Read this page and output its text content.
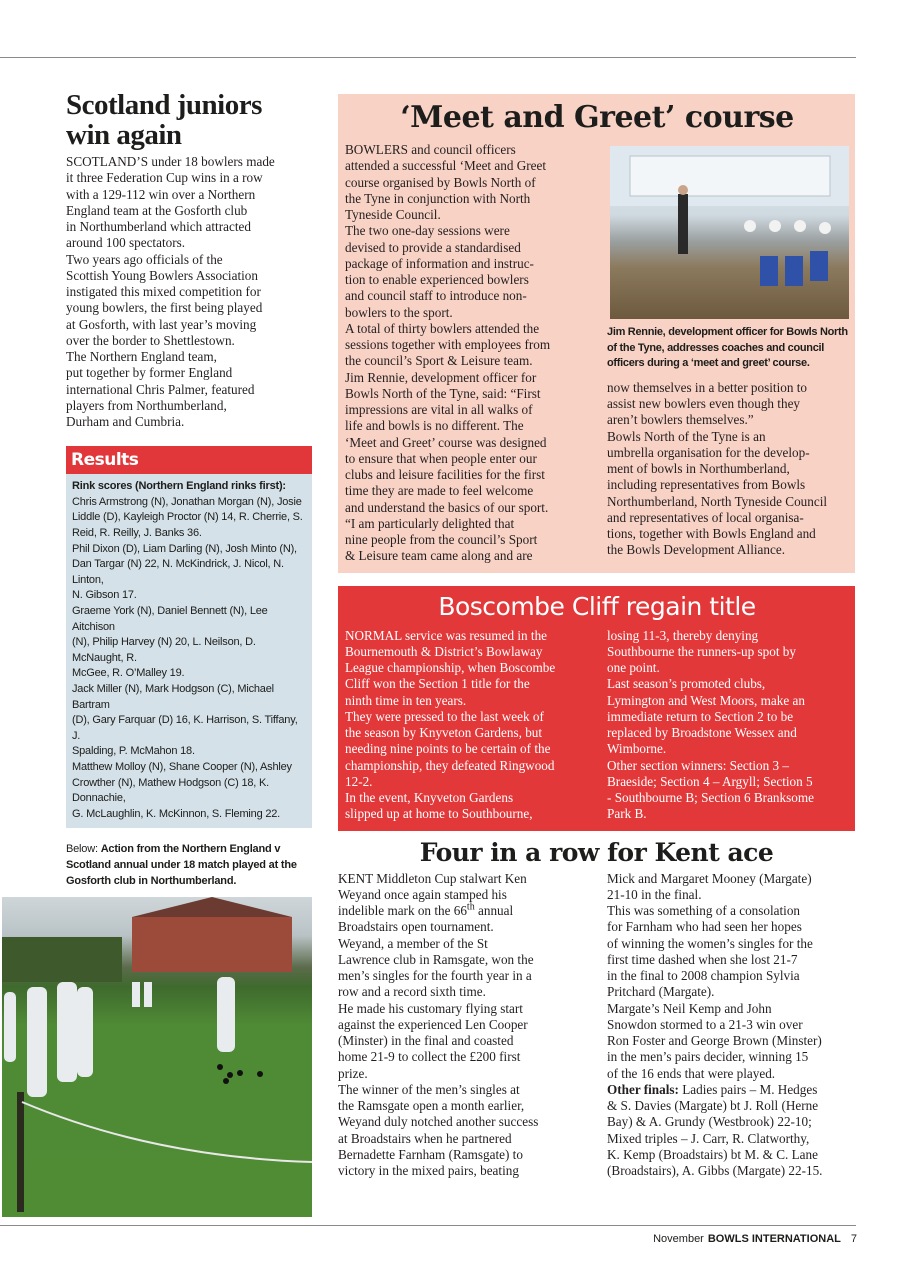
Scotland juniors
win again
SCOTLAND’S under 18 bowlers made
it three Federation Cup wins in a row
with a 129-112 win over a Northern
England team at the Gosforth club
in Northumberland which attracted
around 100 spectators.
Two years ago officials of the
Scottish Young Bowlers Association
instigated this mixed competition for
young bowlers, the first being played
at Gosforth, with last year’s moving
over the border to Shettlestown.
The Northern England team,
put together by former England
international Chris Palmer, featured
players from Northumberland,
Durham and Cumbria.
Results
Rink scores (Northern England rinks first):
Chris Armstrong (N), Jonathan Morgan (N), Josie
Liddle (D), Kayleigh Proctor (N) 14, R. Cherrie, S.
Reid, R. Reilly, J. Banks 36.
Phil Dixon (D), Liam Darling (N), Josh Minto (N),
Dan Targar (N) 22, N. McKindrick, J. Nicol, N. Linton,
N. Gibson 17.
Graeme York (N), Daniel Bennett (N), Lee Aitchison
(N), Philip Harvey (N) 20, L. Neilson, D. McNaught, R.
McGee, R. O’Malley 19.
Jack Miller (N), Mark Hodgson (C), Michael Bartram
(D), Gary Farquar (D) 16, K. Harrison, S. Tiffany, J.
Spalding, P. McMahon 18.
Matthew Molloy (N), Shane Cooper (N), Ashley
Crowther (N), Mathew Hodgson (C) 18, K. Donnachie,
G. McLaughlin, K. McKinnon, S. Fleming 22.
Below: Action from the Northern England v
Scotland annual under 18 match played at the
Gosforth club in Northumberland.
‘Meet and Greet’ course
BOWLERS and council officers
attended a successful ‘Meet and Greet
course organised by Bowls North of
the Tyne in conjunction with North
Tyneside Council.
The two one-day sessions were
devised to provide a standardised
package of information and instruc-
tion to enable experienced bowlers
and council staff to introduce non-
bowlers to the sport.
A total of thirty bowlers attended the
sessions together with employees from
the council’s Sport & Leisure team.
Jim Rennie, development officer for
Bowls North of the Tyne, said: “First
impressions are vital in all walks of
life and bowls is no different. The
‘Meet and Greet’ course was designed
to ensure that when people enter our
clubs and leisure facilities for the first
time they are made to feel welcome
and understand the basics of our sport.
“I am particularly delighted that
nine people from the council’s Sport
& Leisure team came along and are
Jim Rennie, development officer for Bowls North
of the Tyne, addresses coaches and council
officers during a ‘meet and greet’ course.
now themselves in a better position to
assist new bowlers even though they
aren’t bowlers themselves.”
Bowls North of the Tyne is an
umbrella organisation for the develop-
ment of bowls in Northumberland,
including representatives from Bowls
Northumberland, North Tyneside Council
and representatives of local organisa-
tions, together with Bowls England and
the Bowls Development Alliance.
Boscombe Cliff regain title
NORMAL service was resumed in the
Bournemouth & District’s Bowlaway
League championship, when Boscombe
Cliff won the Section 1 title for the
ninth time in ten years.
They were pressed to the last week of
the season by Knyveton Gardens, but
needing nine points to be certain of the
championship, they defeated Ringwood
12-2.
In the event, Knyveton Gardens
slipped up at home to Southbourne,
losing 11-3, thereby denying
Southbourne the runners-up spot by
one point.
Last season’s promoted clubs,
Lymington and West Moors, make an
immediate return to Section 2 to be
replaced by Broadstone Wessex and
Wimborne.
Other section winners: Section 3 –
Braeside; Section 4 – Argyll; Section 5
- Southbourne B; Section 6 Branksome
Park B.
Four in a row for Kent ace
KENT Middleton Cup stalwart Ken
Weyand once again stamped his
indelible mark on the 66th annual
Broadstairs open tournament.
Weyand, a member of the St
Lawrence club in Ramsgate, won the
men’s singles for the fourth year in a
row and a record sixth time.
He made his customary flying start
against the experienced Len Cooper
(Minster) in the final and coasted
home 21-9 to collect the £200 first
prize.
The winner of the men’s singles at
the Ramsgate open a month earlier,
Weyand duly notched another success
at Broadstairs when he partnered
Bernadette Farnham (Ramsgate) to
victory in the mixed pairs, beating
Mick and Margaret Mooney (Margate)
21-10 in the final.
This was something of a consolation
for Farnham who had seen her hopes
of winning the women’s singles for the
first time dashed when she lost 21-7
in the final to 2008 champion Sylvia
Pritchard (Margate).
Margate’s Neil Kemp and John
Snowdon stormed to a 21-3 win over
Ron Foster and George Brown (Minster)
in the men’s pairs decider, winning 15
of the 16 ends that were played.
Other finals: Ladies pairs – M. Hedges
& S. Davies (Margate) bt J. Roll (Herne
Bay) & A. Grundy (Westbrook) 22-10;
Mixed triples – J. Carr, R. Clatworthy,
K. Kemp (Broadstairs) bt M. & C. Lane
(Broadstairs), A. Gibbs (Margate) 22-15.
November BOWLS INTERNATIONAL 7
